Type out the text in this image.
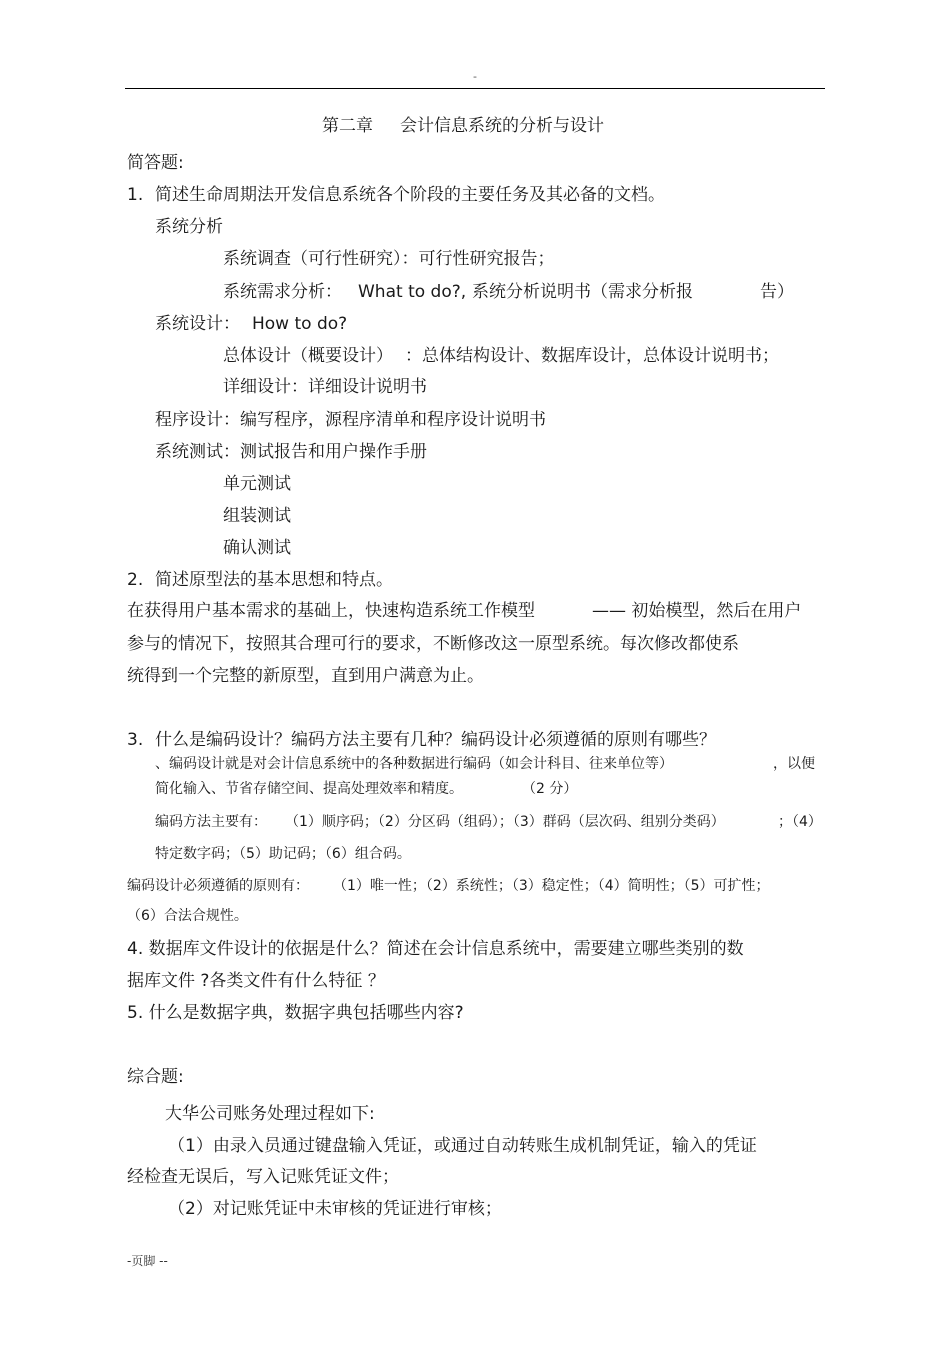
-
第二章 会计信息系统的分析与设计
简答题:
1. 简述生命周期法开发信息系统各个阶段的主要任务及其必备的文档。
系统分析
系统调查（可行性研究）：可行性研究报告；
系统需求分析： What to do?, 系统分析说明书（需求分析报	告）
系统设计： How to do?
总体设计（概要设计） ：总体结构设计、数据库设计，总体设计说明书；
详细设计：详细设计说明书
程序设计：编写程序，源程序清单和程序设计说明书
系统测试：测试报告和用户操作手册
单元测试
组装测试
确认测试
2. 简述原型法的基本思想和特点。
在获得用户基本需求的基础上，快速构造系统工作模型	—— 初始模型，然后在用户
参与的情况下，按照其合理可行的要求，不断修改这一原型系统。每次修改都使系
统得到一个完整的新原型，直到用户满意为止。
3. 什么是编码设计？编码方法主要有几种？编码设计必须遵循的原则有哪些？
、编码设计就是对会计信息系统中的各种数据进行编码（如会计科目、往来单位等）	，以便
简化输入、节省存储空间、提高处理效率和精度。	（2 分）
编码方法主要有： （1）顺序码；（2）分区码（组码）；（3）群码（层次码、组别分类码）	；（4）
特定数字码；（5）助记码；（6）组合码。
编码设计必须遵循的原则有： （1）唯一性；（2）系统性；（3）稳定性；（4）简明性；（5）可扩性；
（6）合法合规性。
4. 数据库文件设计的依据是什么？简述在会计信息系统中，需要建立哪些类别的数
据库文件 ?各类文件有什么特征 ？
5. 什么是数据字典，数据字典包括哪些内容?
综合题:
大华公司账务处理过程如下:
（1）由录入员通过键盘输入凭证，或通过自动转账生成机制凭证，输入的凭证
经检查无误后，写入记账凭证文件；
（2）对记账凭证中未审核的凭证进行审核；
-页脚 --
